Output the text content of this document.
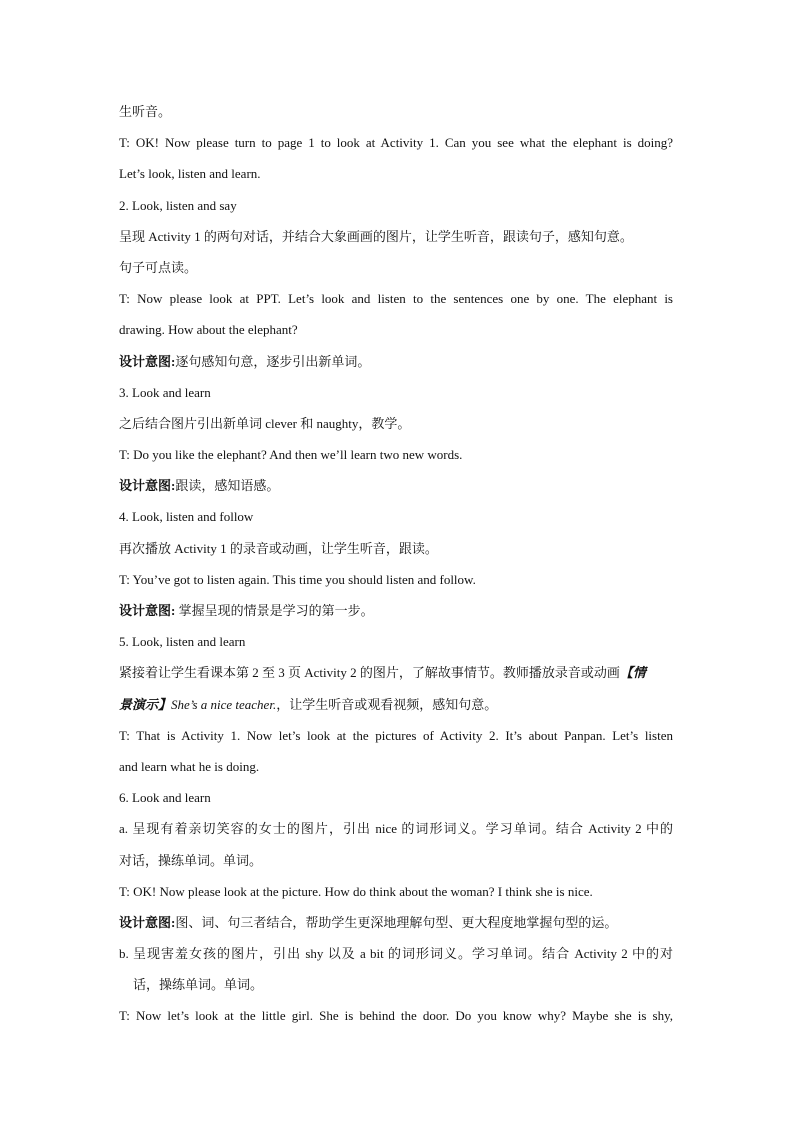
生听音。
T: OK! Now please turn to page 1 to look at Activity 1. Can you see what the elephant is doing?
Let’s look, listen and learn.
2. Look, listen and say
呈现 Activity 1 的两句对话，并结合大象画画的图片，让学生听音，跟读句子，感知句意。
句子可点读。
T: Now please look at PPT. Let’s look and listen to the sentences one by one. The elephant is
drawing. How about the elephant?
设计意图:逐句感知句意，逐步引出新单词。
3. Look and learn
之后结合图片引出新单词 clever 和 naughty，教学。
T: Do you like the elephant? And then we’ll learn two new words.
设计意图:跟读，感知语感。
4. Look, listen and follow
再次播放 Activity 1 的录音或动画，让学生听音，跟读。
T: You’ve got to listen again. This time you should listen and follow.
设计意图: 掌握呈现的情景是学习的第一步。
5. Look, listen and learn
紧接着让学生看课本第 2 至 3 页 Activity 2 的图片，了解故事情节。教师播放录音或动画【情
景演示】She’s a nice teacher.，让学生听音或观看视频，感知句意。
T: That is Activity 1. Now let’s look at the pictures of Activity 2. It’s about Panpan. Let’s listen
and learn what he is doing.
6. Look and learn
a. 呈现有着亲切笑容的女士的图片，引出 nice 的词形词义。学习单词。结合 Activity 2 中的
对话，操练单词。单词。
T: OK! Now please look at the picture. How do think about the woman? I think she is nice.
设计意图:图、词、句三者结合，帮助学生更深地理解句型、更大程度地掌握句型的运。
b. 呈现害羞女孩的图片，引出 shy 以及 a bit 的词形词义。学习单词。结合 Activity 2 中的对
话，操练单词。单词。
T: Now let’s look at the little girl. She is behind the door. Do you know why? Maybe she is shy,
